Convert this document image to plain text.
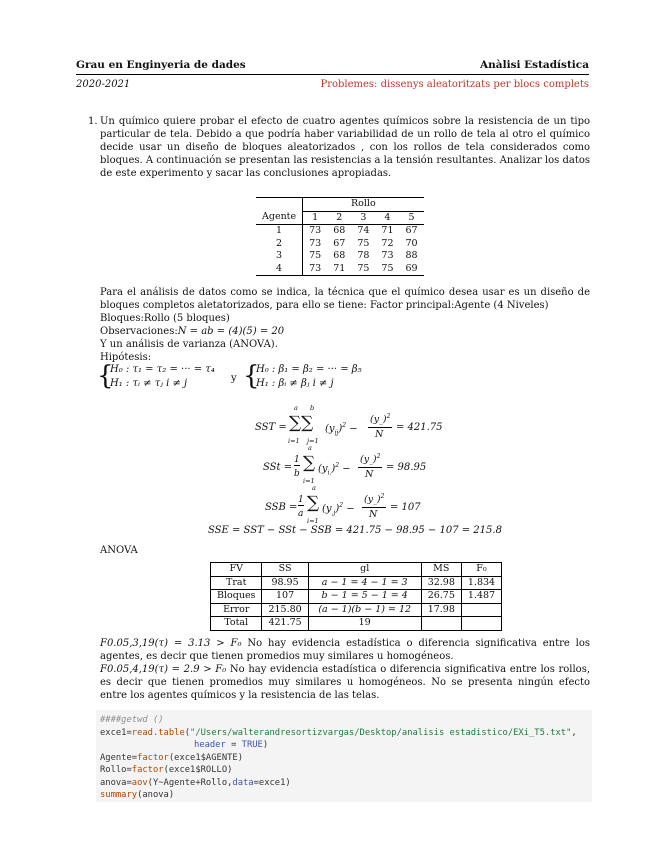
Grau en Enginyeria de dades	Anàlisi Estadística
2020-2021	Problemes: dissenys aleatoritzats per blocs complets
1. Un químico quiere probar el efecto de cuatro agentes químicos sobre la resistencia de un tipo particular de tela. Debido a que podría haber variabilidad de un rollo de tela al otro el químico decide usar un diseño de bloques aleatorizados , con los rollos de tela considerados como bloques. A continuación se presentan las resistencias a la tensión resultantes. Analizar los datos de este experimento y sacar las conclusiones apropiadas.
	Rollo				
Agente	1	2	3	4	5
1	73	68	74	71	67
2	73	67	75	72	70
3	75	68	78	73	88
4	73	71	75	75	69
Para el análisis de datos como se indica, la técnica que el químico desea usar es un diseño de bloques completos aletatorizados, para ello se tiene: Factor principal:Agente (4 Niveles)
Bloques:Rollo (5 bloques)
Observaciones:N = ab = (4)(5) = 20
Y un análisis de varianza (ANOVA).
Hipótesis:
{
H₀ : τ₁ = τ₂ = ··· = τ₄
H₁ : τᵢ ≠ τⱼ i ≠ j	y {
H₀ : β₁ = β₂ = ··· = β₅
H₁ : βᵢ ≠ βⱼ i ≠ j
SST = ∑∑
a b
i=1 j=1
$(y_{ij})^2$ −
$(y_{..})^2$
N
= 421.75
SSt =
1
b
∑
a
i=1
$(y_{i.})^2$ −
$(y_{..})^2$
N
= 98.95
SSB =
1
a
∑
a
i=1
$(y_{.j})^2$ −
$(y_{..})^2$
N
= 107
SSE = SST − SSt − SSB = 421.75 − 98.95 − 107 = 215.8
ANOVA
FV	SS	gl	MS	F₀
Trat	98.95	a − 1 = 4 − 1 = 3	32.98	1.834
Bloques	107	b − 1 = 5 − 1 = 4	26.75	1.487
Error	215.80	(a − 1)(b − 1) = 12	17.98	
Total	421.75	19		
F0.05,3,19(τ) = 3.13 > F₀ No hay evidencia estadística o diferencia significativa entre los agentes, es decir que tienen promedios muy similares u homogéneos.
F0.05,4,19(τ) = 2.9 > F₀ No hay evidencia estadística o diferencia significativa entre los rollos, es decir que tienen promedios muy similares u homogéneos. No se presenta ningún efecto entre los agentes químicos y la resistencia de las telas.
####getwd ()
exce1=read.table("/Users/walterandresortizvargas/Desktop/analisis estadistico/EXi_T5.txt",
header = TRUE)
Agente=factor(exce1$AGENTE)
Rollo=factor(exce1$ROLLO)
anova=aov(Y~Agente+Rollo,data=exce1)
summary(anova)
